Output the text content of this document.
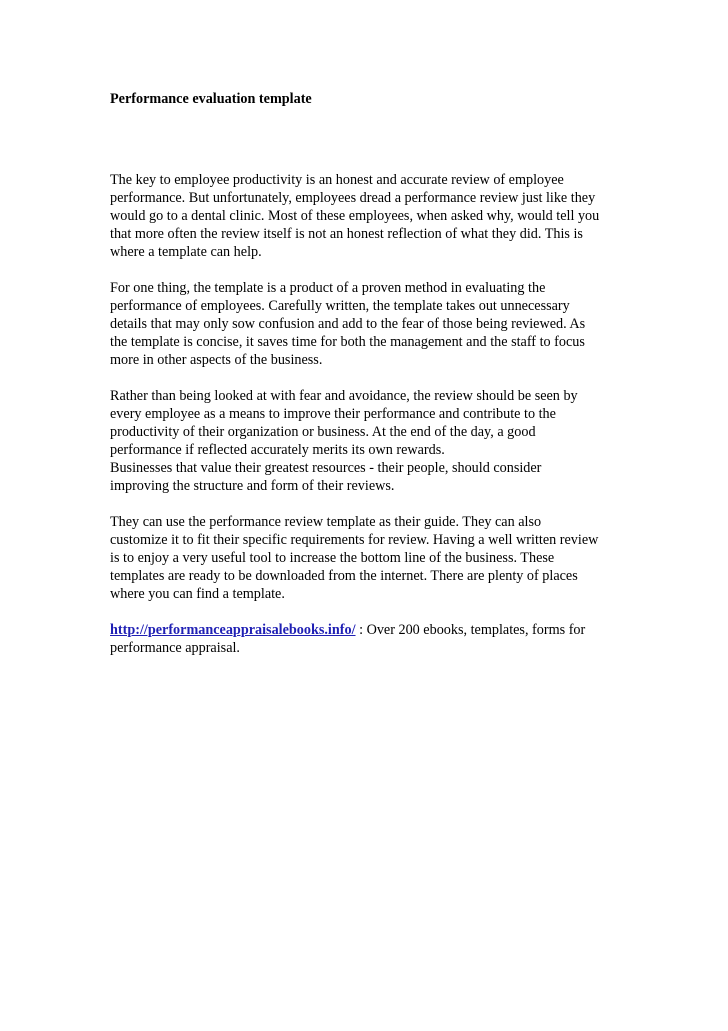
Performance evaluation template

The key to employee productivity is an honest and accurate review of employee
performance. But unfortunately, employees dread a performance review just like they
would go to a dental clinic. Most of these employees, when asked why, would tell you
that more often the review itself is not an honest reflection of what they did. This is
where a template can help.

For one thing, the template is a product of a proven method in evaluating the
performance of employees. Carefully written, the template takes out unnecessary
details that may only sow confusion and add to the fear of those being reviewed. As
the template is concise, it saves time for both the management and the staff to focus
more in other aspects of the business.

Rather than being looked at with fear and avoidance, the review should be seen by
every employee as a means to improve their performance and contribute to the
productivity of their organization or business. At the end of the day, a good
performance if reflected accurately merits its own rewards.
Businesses that value their greatest resources - their people, should consider
improving the structure and form of their reviews.

They can use the performance review template as their guide. They can also
customize it to fit their specific requirements for review. Having a well written review
is to enjoy a very useful tool to increase the bottom line of the business. These
templates are ready to be downloaded from the internet. There are plenty of places
where you can find a template.

http://performanceappraisalebooks.info/ : Over 200 ebooks, templates, forms for
performance appraisal.
